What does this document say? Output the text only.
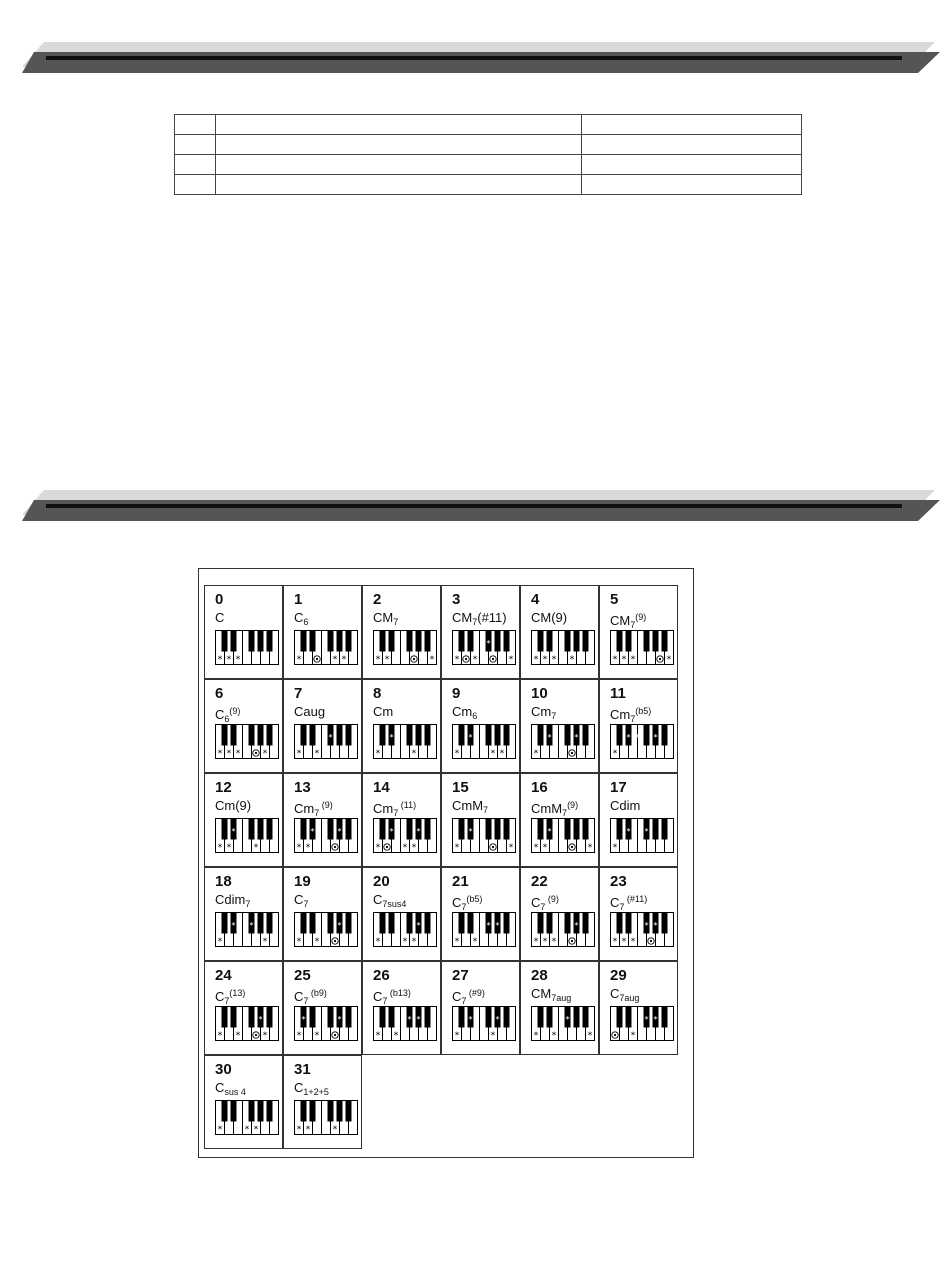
0
C
* * *
1
$C_6$
*	* *
2
$CM_7$
* *	*
3
$CM_7(\#11)$
* *	*
*
4
CM(9)
* * * *
5
$CM_7^{(9)}$
* * *	*
6
$C_6^{(9)}$
* * *	*
7
Caug
* *
*
8
Cm
*	*
*
9
$Cm_6$
*	* *
*
10
$Cm_7$
*
*	*
11
$Cm_7^{(b5)}$
*
* * *
12
Cm(9)
* *	*
*
13
$Cm_7$ $^{(9)}$
* *
*	*
14
$Cm_7$ $^{(11)}$
*	* *
*	*
15
CmM$_7$
*	*
*
16
CmM$_7^{(9)}$
* *	*
*
17
Cdim
*
* *
18
Cdim$_7$
*	*
* *
19
$C_7$
* *
*
20
$C_{7sus4}$
*	* *
*
21
$C_7^{(b5)}$
* *
* *
22
$C_7$ $^{(9)}$
* * *
*
23
$C_7$ $^{(\#11)}$
* * *
* *
24
$C_7^{(13)}$
* *	*
*
25
$C_7$ $^{(b9)}$
* *
*	*
26
$C_7$ $^{(b13)}$
* *
* *
27
$C_7$ $^{(\#9)}$
*	*
*	*
28
$CM_{7aug}$
* *	*
*
29
$C_{7aug}$
*
* *
30
$C_{sus 4}$
*	* *
31
$C_{1+2+5}$
* *	*
